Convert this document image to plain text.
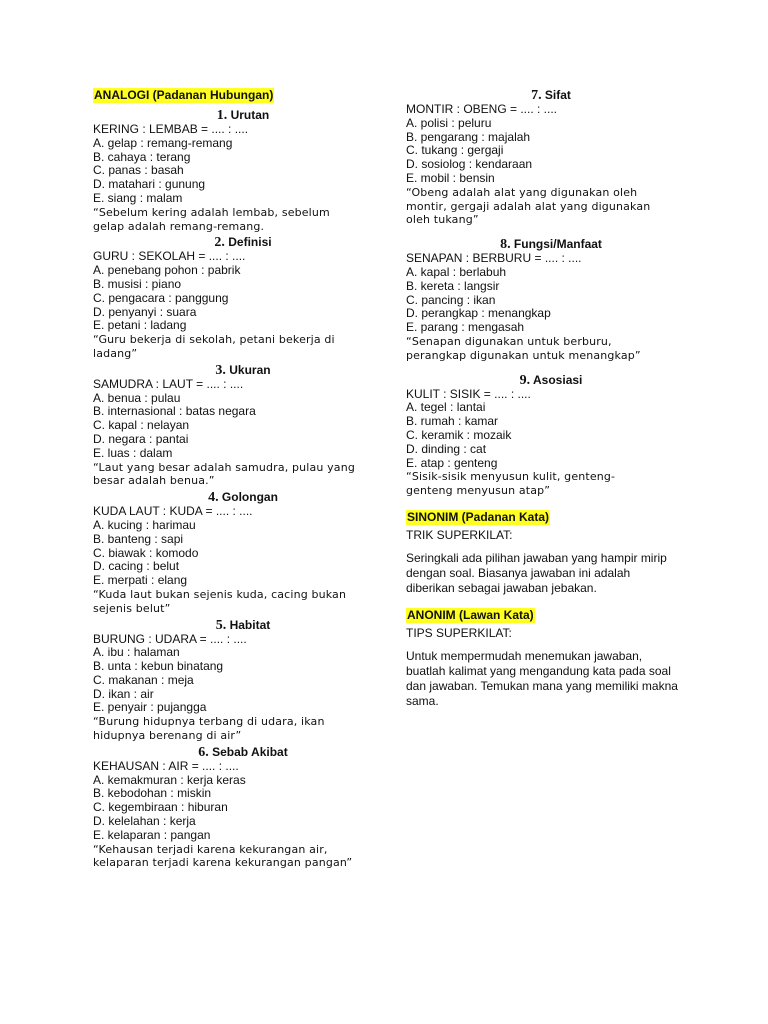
ANALOGI (Padanan Hubungan)
1. Urutan
KERING : LEMBAB = .... : ....
A. gelap : remang-remang
B. cahaya : terang
C. panas : basah
D. matahari : gunung
E. siang : malam
“Sebelum kering adalah lembab, sebelum gelap adalah remang-remang.
2. Definisi
GURU : SEKOLAH = .... : ....
A. penebang pohon : pabrik
B. musisi : piano
C. pengacara : panggung
D. penyanyi : suara
E. petani : ladang
“Guru bekerja di sekolah, petani bekerja di ladang”
3. Ukuran
SAMUDRA : LAUT = .... : ....
A. benua : pulau
B. internasional : batas negara
C. kapal : nelayan
D. negara : pantai
E. luas : dalam
“Laut yang besar adalah samudra, pulau yang besar adalah benua.”
4. Golongan
KUDA LAUT : KUDA = .... : ....
A. kucing : harimau
B. banteng : sapi
C. biawak : komodo
D. cacing : belut
E. merpati : elang
“Kuda laut bukan sejenis kuda, cacing bukan sejenis belut”
5. Habitat
BURUNG : UDARA = .... : ....
A. ibu : halaman
B. unta : kebun binatang
C. makanan : meja
D. ikan : air
E. penyair : pujangga
“Burung hidupnya terbang di udara, ikan hidupnya berenang di air”
6. Sebab Akibat
KEHAUSAN : AIR = .... : ....
A. kemakmuran : kerja keras
B. kebodohan : miskin
C. kegembiraan : hiburan
D. kelelahan : kerja
E. kelaparan : pangan
“Kehausan terjadi karena kekurangan air, kelaparan terjadi karena kekurangan pangan”
7. Sifat
MONTIR : OBENG = .... : ....
A. polisi : peluru
B. pengarang : majalah
C. tukang : gergaji
D. sosiolog : kendaraan
E. mobil : bensin
“Obeng adalah alat yang digunakan oleh montir, gergaji adalah alat yang digunakan oleh tukang”
8. Fungsi/Manfaat
SENAPAN : BERBURU = .... : ....
A. kapal : berlabuh
B. kereta : langsir
C. pancing : ikan
D. perangkap : menangkap
E. parang : mengasah
“Senapan digunakan untuk berburu, perangkap digunakan untuk menangkap”
9. Asosiasi
KULIT : SISIK = .... : ....
A. tegel : lantai
B. rumah : kamar
C. keramik : mozaik
D. dinding : cat
E. atap : genteng
“Sisik-sisik menyusun kulit, genteng-genteng menyusun atap”
SINONIM (Padanan Kata)
TRIK SUPERKILAT:
Seringkali ada pilihan jawaban yang hampir mirip dengan soal. Biasanya jawaban ini adalah diberikan sebagai jawaban jebakan.
ANONIM (Lawan Kata)
TIPS SUPERKILAT:
Untuk mempermudah menemukan jawaban, buatlah kalimat yang mengandung kata pada soal dan jawaban. Temukan mana yang memiliki makna sama.
